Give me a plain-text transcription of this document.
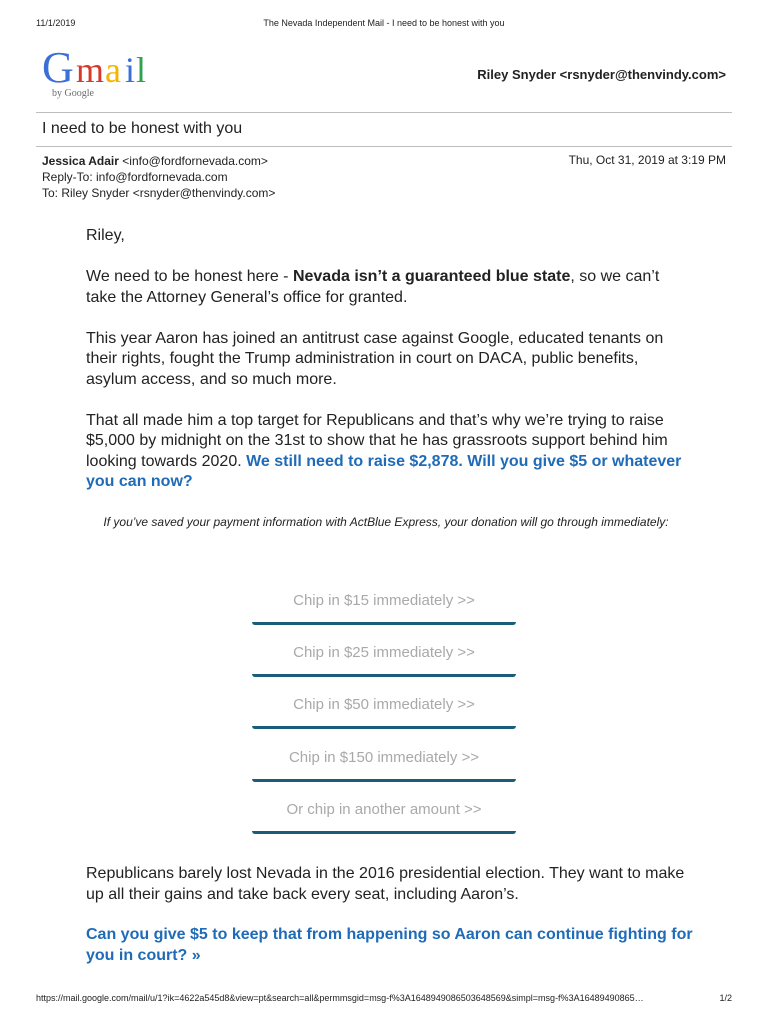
11/1/2019	The Nevada Independent Mail - I need to be honest with you
G m a i l
by Google
Riley Snyder <rsnyder@thenvindy.com>
I need to be honest with you
Jessica Adair <info@fordfornevada.com>
Reply-To: info@fordfornevada.com
To: Riley Snyder <rsnyder@thenvindy.com>
Thu, Oct 31, 2019 at 3:19 PM

Riley,

We need to be honest here - Nevada isn’t a guaranteed blue state, so we can’t take the Attorney General’s office for granted.

This year Aaron has joined an antitrust case against Google, educated tenants on their rights, fought the Trump administration in court on DACA, public benefits, asylum access, and so much more.

That all made him a top target for Republicans and that’s why we’re trying to raise $5,000 by midnight on the 31st to show that he has grassroots support behind him looking towards 2020. We still need to raise $2,878. Will you give $5 or whatever you can now?

If you’ve saved your payment information with ActBlue Express, your donation will go through immediately:
Chip in $15 immediately >>
Chip in $25 immediately >>
Chip in $50 immediately >>
Chip in $150 immediately >>
Or chip in another amount >>

Republicans barely lost Nevada in the 2016 presidential election. They want to make up all their gains and take back every seat, including Aaron’s.

Can you give $5 to keep that from happening so Aaron can continue fighting for you in court? »

https://mail.google.com/mail/u/1?ik=4622a545d8&view=pt&search=all&permmsgid=msg-f%3A1648949086503648569&simpl=msg-f%3A16489490865…	1/2
